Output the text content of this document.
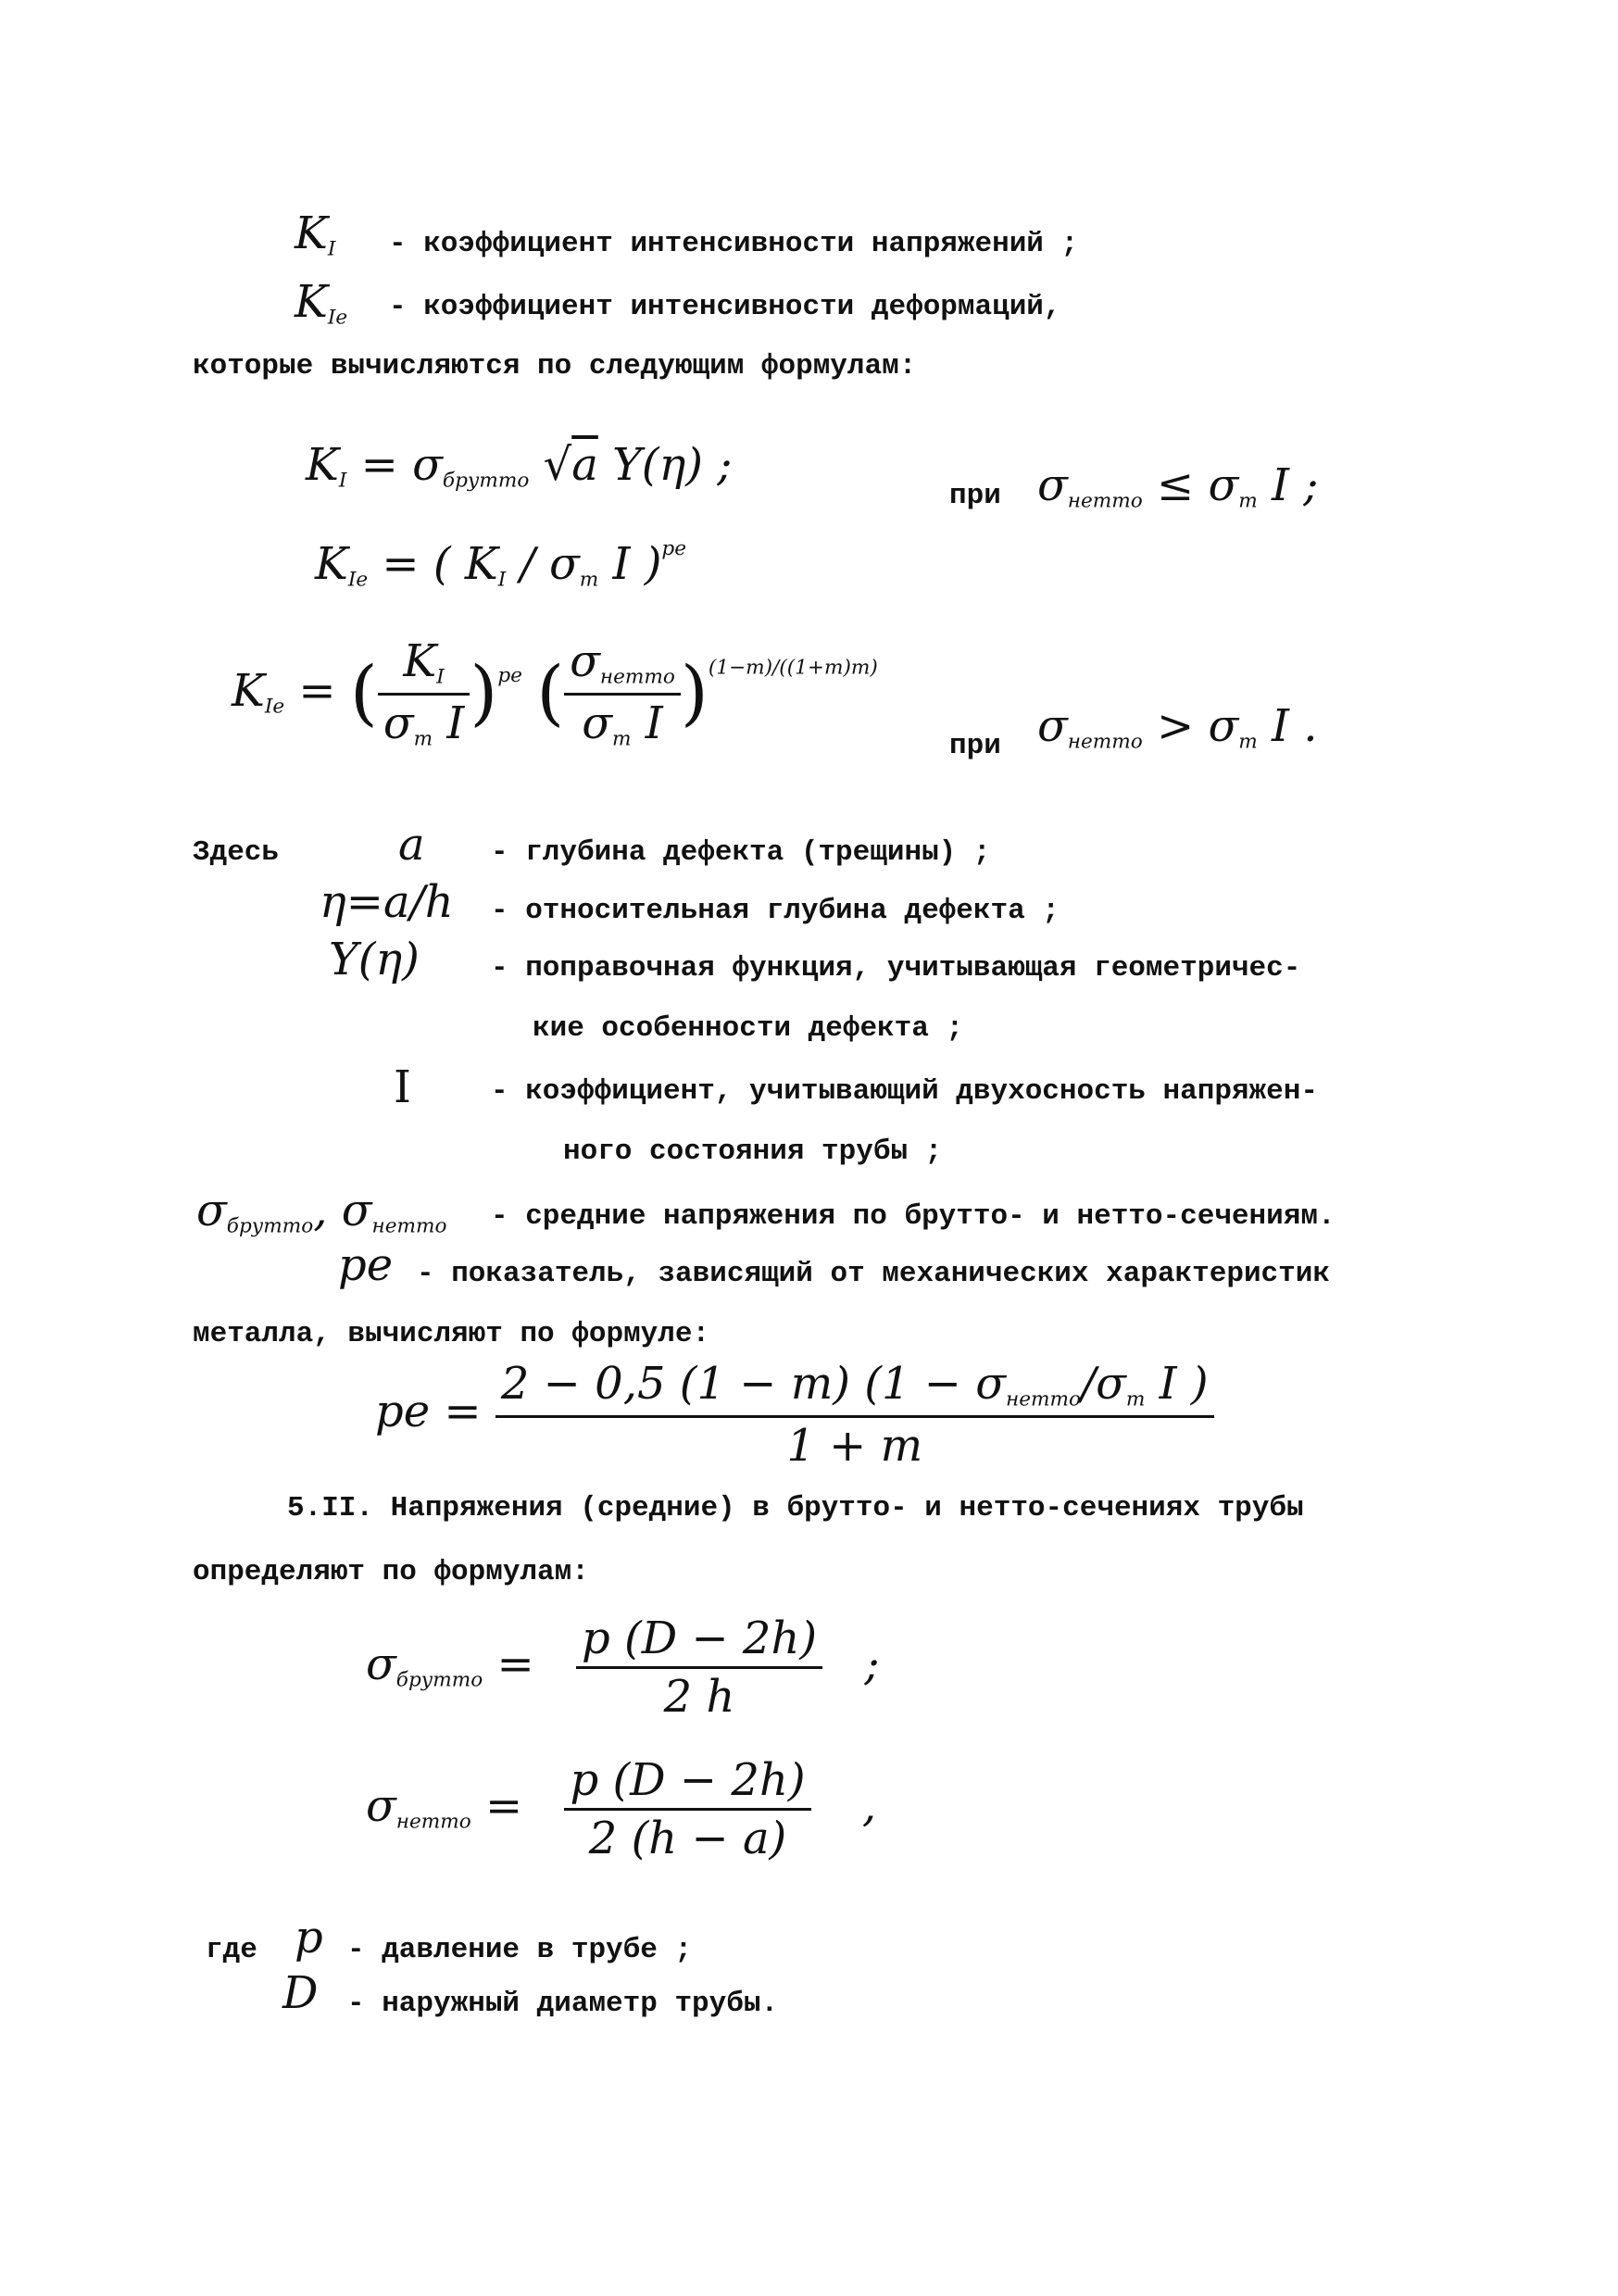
$K_I$ - коэффициент интенсивности напряжений ;
$K_{Ie}$ - коэффициент интенсивности деформаций,
которые вычисляются по следующим формулам:
$K_I = \sigma_{брутто}$ √a Y(η) ;
при $\sigma_{нетто} \le \sigma_т$ I ;
$K_{Ie}$ = ( $K_I / \sigma_т$ I )$^{pe}$
$K_{Ie}$ = ( $\frac{K_I}{\sigma_т I} )^{pe}$ ( $\frac{\sigma_{нетто}}{\sigma_т I} )^{(1-m)/((1+m)m)}$
при $\sigma_{нетто} > \sigma_т$ I .
Здесь	a - глубина дефекта (трещины) ;
η=a/h - относительная глубина дефекта ;
Y(η) - поправочная функция, учитывающая геометричес-
кие особенности дефекта ;
I	- коэффициент, учитывающий двухосность напряжен-
ного состояния трубы ;
$\sigma_{брутто}$, $\sigma_{нетто}$ - средние напряжения по брутто- и нетто-сечениям.
pe - показатель, зависящий от механических характеристик
металла, вычисляют по формуле:
pe = $\frac{2 - 0,5 (1 - m) (1 - \sigma_{нетто}/\sigma_т I )}{1 + m}$
5.II. Напряжения (средние) в брутто- и нетто-сечениях трубы
определяют по формулам:
$\sigma_{брутто} = \frac{p (D - 2h)}{2 h}$ ;
$\sigma_{нетто} = \frac{p (D - 2h)}{2 (h - a)}$ ,
где p - давление в трубе ;
D - наружный диаметр трубы.
